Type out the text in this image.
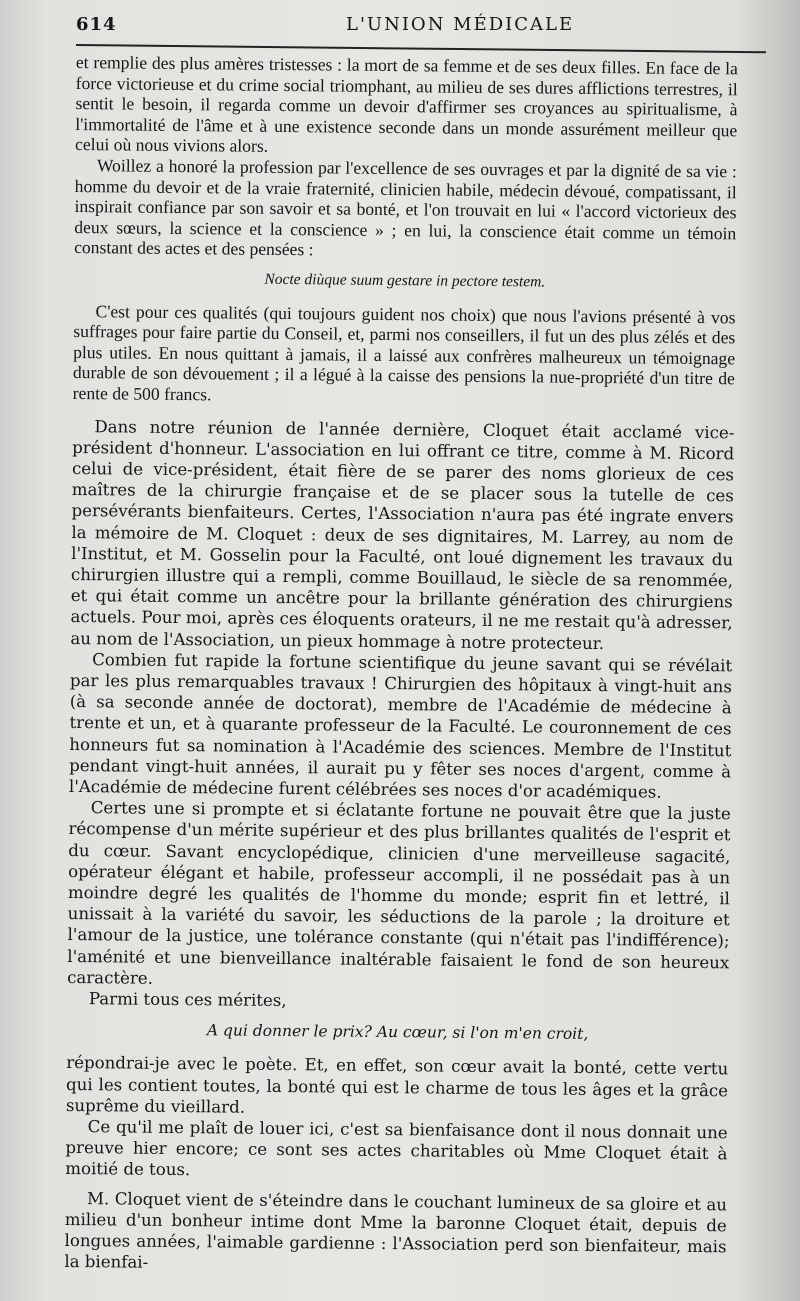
614	L'UNION MÉDICALE

et remplie des plus amères tristesses : la mort de sa femme et de ses deux filles. En face de la force victorieuse et du crime social triomphant, au milieu de ses dures afflictions terrestres, il sentit le besoin, il regarda comme un devoir d'affirmer ses croyances au spiritualisme, à l'immortalité de l'âme et à une existence seconde dans un monde assurément meilleur que celui où nous vivions alors.

Woillez a honoré la profession par l'excellence de ses ouvrages et par la dignité de sa vie : homme du devoir et de la vraie fraternité, clinicien habile, médecin dévoué, compatissant, il inspirait confiance par son savoir et sa bonté, et l'on trouvait en lui « l'accord victorieux des deux sœurs, la science et la conscience » ; en lui, la conscience était comme un témoin constant des actes et des pensées :

Nocte diùque suum gestare in pectore testem.

C'est pour ces qualités (qui toujours guident nos choix) que nous l'avions présenté à vos suffrages pour faire partie du Conseil, et, parmi nos conseillers, il fut un des plus zélés et des plus utiles. En nous quittant à jamais, il a laissé aux confrères malheureux un témoignage durable de son dévouement ; il a légué à la caisse des pensions la nue-propriété d'un titre de rente de 500 francs.

Dans notre réunion de l'année dernière, Cloquet était acclamé vice-président d'honneur. L'association en lui offrant ce titre, comme à M. Ricord celui de vice-président, était fière de se parer des noms glorieux de ces maîtres de la chirurgie française et de se placer sous la tutelle de ces persévérants bienfaiteurs. Certes, l'Association n'aura pas été ingrate envers la mémoire de M. Cloquet : deux de ses dignitaires, M. Larrey, au nom de l'Institut, et M. Gosselin pour la Faculté, ont loué dignement les travaux du chirurgien illustre qui a rempli, comme Bouillaud, le siècle de sa renommée, et qui était comme un ancêtre pour la brillante génération des chirurgiens actuels. Pour moi, après ces éloquents orateurs, il ne me restait qu'à adresser, au nom de l'Association, un pieux hommage à notre protecteur.

Combien fut rapide la fortune scientifique du jeune savant qui se révélait par les plus remarquables travaux ! Chirurgien des hôpitaux à vingt-huit ans (à sa seconde année de doctorat), membre de l'Académie de médecine à trente et un, et à quarante professeur de la Faculté. Le couronnement de ces honneurs fut sa nomination à l'Académie des sciences. Membre de l'Institut pendant vingt-huit années, il aurait pu y fêter ses noces d'argent, comme à l'Académie de médecine furent célébrées ses noces d'or académiques.

Certes une si prompte et si éclatante fortune ne pouvait être que la juste récompense d'un mérite supérieur et des plus brillantes qualités de l'esprit et du cœur. Savant encyclopédique, clinicien d'une merveilleuse sagacité, opérateur élégant et habile, professeur accompli, il ne possédait pas à un moindre degré les qualités de l'homme du monde; esprit fin et lettré, il unissait à la variété du savoir, les séductions de la parole ; la droiture et l'amour de la justice, une tolérance constante (qui n'était pas l'indifférence); l'aménité et une bienveillance inaltérable faisaient le fond de son heureux caractère.

Parmi tous ces mérites,

A qui donner le prix? Au cœur, si l'on m'en croit,

répondrai-je avec le poète. Et, en effet, son cœur avait la bonté, cette vertu qui les contient toutes, la bonté qui est le charme de tous les âges et la grâce suprême du vieillard.

Ce qu'il me plaît de louer ici, c'est sa bienfaisance dont il nous donnait une preuve hier encore; ce sont ses actes charitables où Mme Cloquet était à moitié de tous.

M. Cloquet vient de s'éteindre dans le couchant lumineux de sa gloire et au milieu d'un bonheur intime dont Mme la baronne Cloquet était, depuis de longues années, l'aimable gardienne : l'Association perd son bienfaiteur, mais la bienfai-
